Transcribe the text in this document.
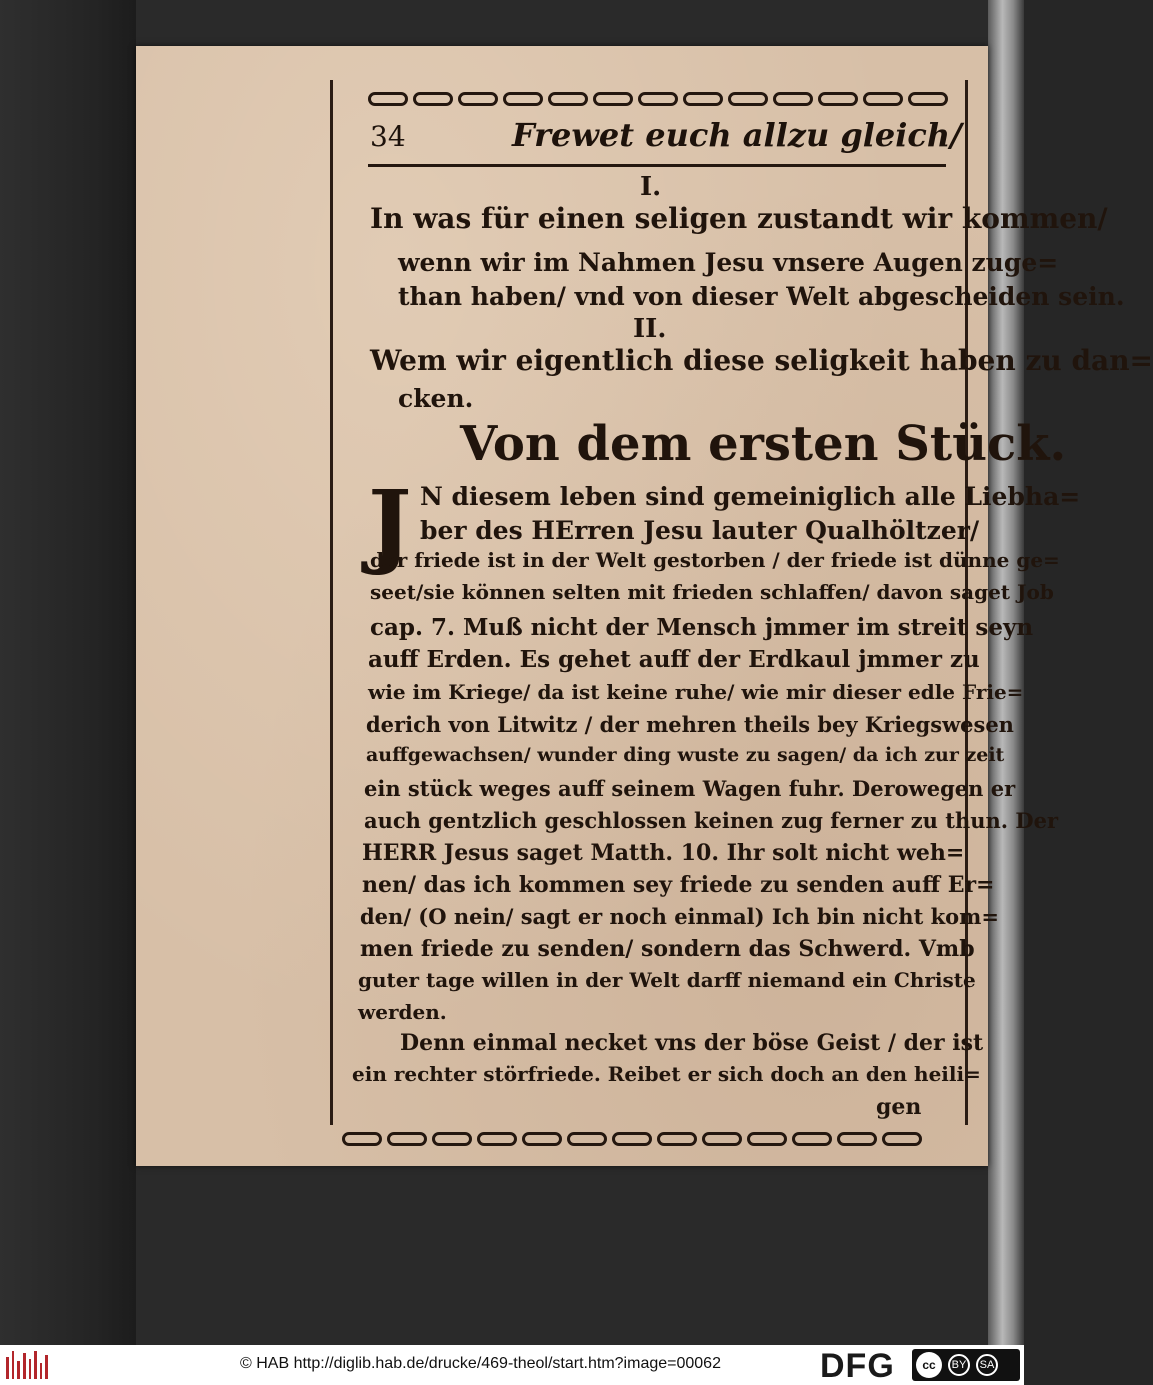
34	Frewet euch allzu gleich/
I.
In was für einen seligen zustandt wir kommen/
wenn wir im Nahmen Jesu vnsere Augen zuge=
than haben/ vnd von dieser Welt abgescheiden sein.
II.
Wem wir eigentlich diese seligkeit haben zu dan=
cken.
Von dem ersten Stück.
J N diesem leben sind gemeiniglich alle Liebha=
ber des HErren Jesu lauter Qualhöltzer/
der friede ist in der Welt gestorben / der friede ist dünne ge=
seet/sie können selten mit frieden schlaffen/ davon saget Job
cap. 7. Muß nicht der Mensch jmmer im streit seyn
auff Erden. Es gehet auff der Erdkaul jmmer zu
wie im Kriege/ da ist keine ruhe/ wie mir dieser edle Frie=
derich von Litwitz / der mehren theils bey Kriegswesen
auffgewachsen/ wunder ding wuste zu sagen/ da ich zur zeit
ein stück weges auff seinem Wagen fuhr. Derowegen er
auch gentzlich geschlossen keinen zug ferner zu thun. Der
HERR Jesus saget Matth. 10. Ihr solt nicht weh=
nen/ das ich kommen sey friede zu senden auff Er=
den/ (O nein/ sagt er noch einmal) Ich bin nicht kom=
men friede zu senden/ sondern das Schwerd. Vmb
guter tage willen in der Welt darff niemand ein Christe
werden.
Denn einmal necket vns der böse Geist / der ist
ein rechter störfriede. Reibet er sich doch an den heili=
gen
© HAB http://diglib.hab.de/drucke/469-theol/start.htm?image=00062	DFG	cc	BY	SA
